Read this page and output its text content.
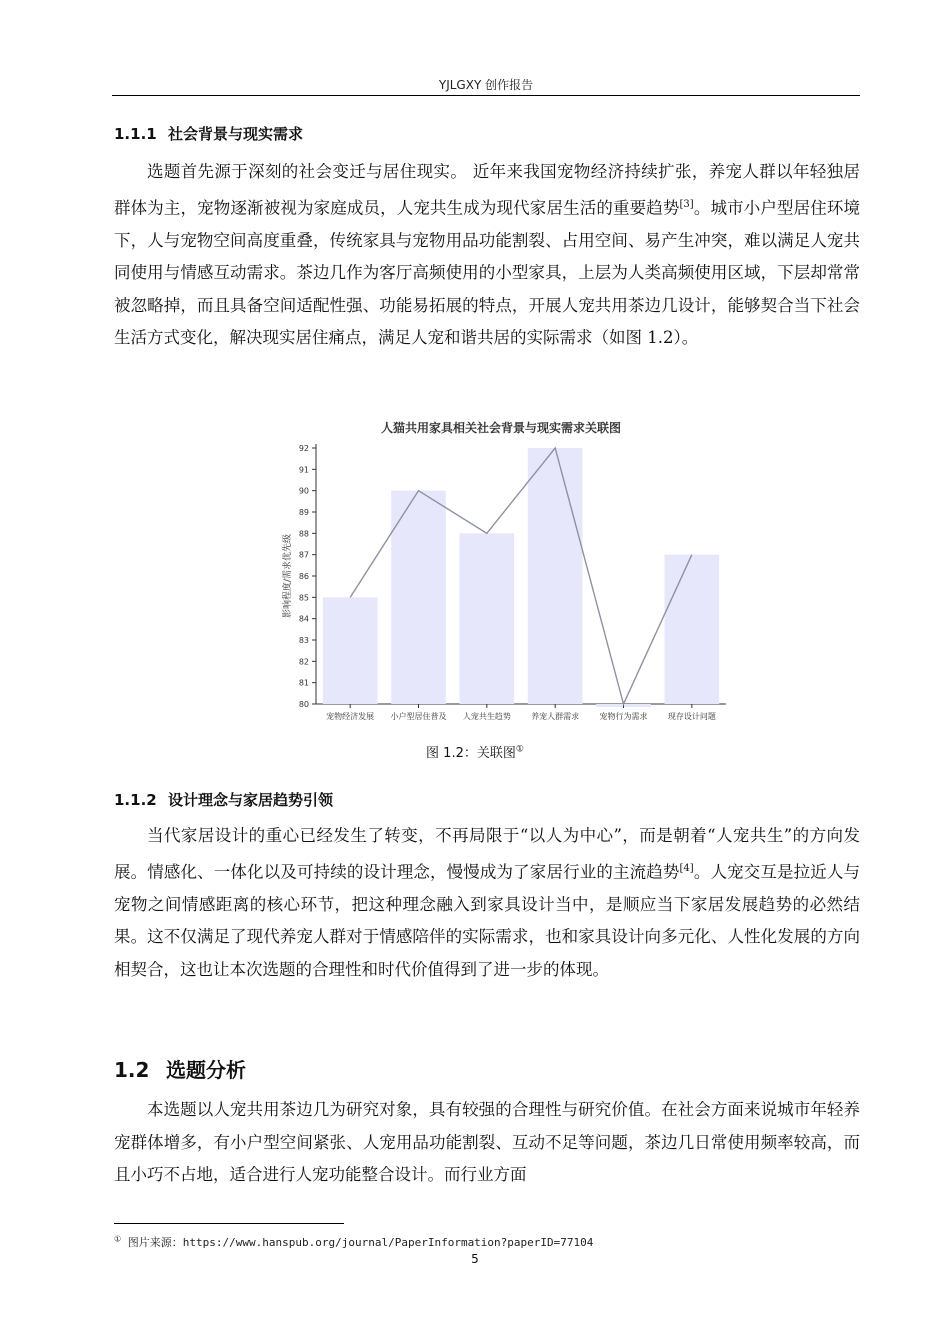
YJLGXY 创作报告
1.1.1 社会背景与现实需求

选题首先源于深刻的社会变迁与居住现实。 近年来我国宠物经济持续扩张，养宠人群以年轻独居群体为主，宠物逐渐被视为家庭成员，人宠共生成为现代家居生活的重要趋势[3]。城市小户型居住环境下，人与宠物空间高度重叠，传统家具与宠物用品功能割裂、占用空间、易产生冲突，难以满足人宠共同使用与情感互动需求。茶边几作为客厅高频使用的小型家具，上层为人类高频使用区域，下层却常常被忽略掉，而且具备空间适配性强、功能易拓展的特点，开展人宠共用茶边几设计，能够契合当下社会生活方式变化，解决现实居住痛点，满足人宠和谐共居的实际需求（如图 1.2）。

人猫共用家具相关社会背景与现实需求关联图
80
81
82
83
84
85
86
87
88
89
90
91
92
影响程度/需求优先级
宠物经济发展 小户型居住普及 人宠共生趋势	养宠人群需求	宠物行为需求	现存设计问题
图 1.2：关联图①
1.1.2 设计理念与家居趋势引领

当代家居设计的重心已经发生了转变，不再局限于“以人为中心”，而是朝着“人宠共生”的方向发展。情感化、一体化以及可持续的设计理念，慢慢成为了家居行业的主流趋势[4]。人宠交互是拉近人与宠物之间情感距离的核心环节，把这种理念融入到家具设计当中，是顺应当下家居发展趋势的必然结果。这不仅满足了现代养宠人群对于情感陪伴的实际需求，也和家具设计向多元化、人性化发展的方向相契合，这也让本次选题的合理性和时代价值得到了进一步的体现。

1.2 选题分析

本选题以人宠共用茶边几为研究对象，具有较强的合理性与研究价值。在社会方面来说城市年轻养宠群体增多，有小户型空间紧张、人宠用品功能割裂、互动不足等问题，茶边几日常使用频率较高，而且小巧不占地，适合进行人宠功能整合设计。而行业方面

① 图片来源：https://www.hanspub.org/journal/PaperInformation?paperID=77104
5
